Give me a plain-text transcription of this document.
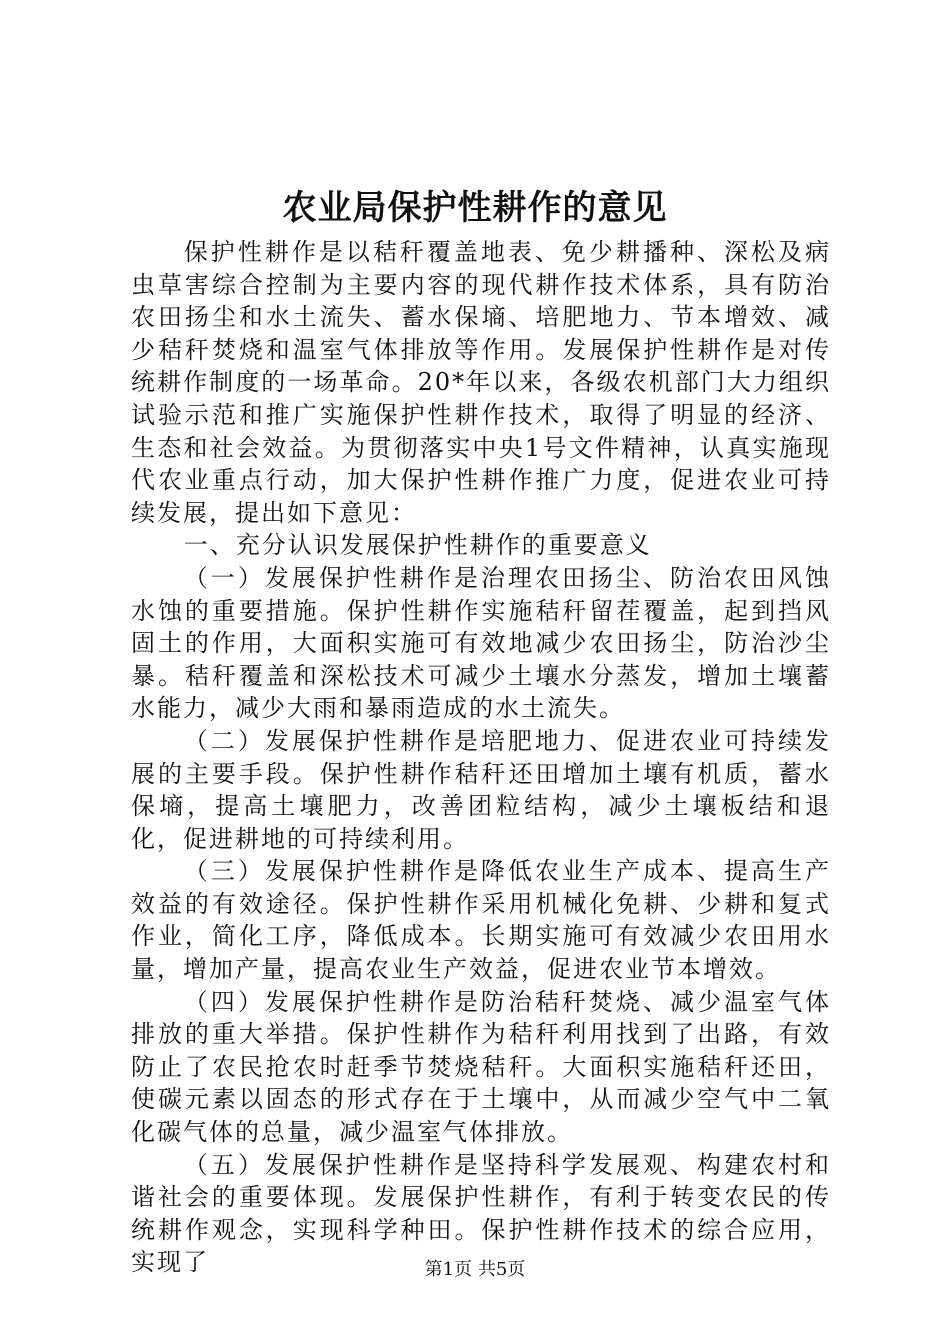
农业局保护性耕作的意见

保护性耕作是以秸秆覆盖地表、免少耕播种、深松及病虫草害综合控制为主要内容的现代耕作技术体系，具有防治农田扬尘和水土流失、蓄水保墒、培肥地力、节本增效、减少秸秆焚烧和温室气体排放等作用。发展保护性耕作是对传统耕作制度的一场革命。20*年以来，各级农机部门大力组织试验示范和推广实施保护性耕作技术，取得了明显的经济、生态和社会效益。为贯彻落实中央1号文件精神，认真实施现代农业重点行动，加大保护性耕作推广力度，促进农业可持续发展，提出如下意见：

一、充分认识发展保护性耕作的重要意义

（一）发展保护性耕作是治理农田扬尘、防治农田风蚀水蚀的重要措施。保护性耕作实施秸秆留茬覆盖，起到挡风固土的作用，大面积实施可有效地减少农田扬尘，防治沙尘暴。秸秆覆盖和深松技术可减少土壤水分蒸发，增加土壤蓄水能力，减少大雨和暴雨造成的水土流失。

（二）发展保护性耕作是培肥地力、促进农业可持续发展的主要手段。保护性耕作秸秆还田增加土壤有机质，蓄水保墒，提高土壤肥力，改善团粒结构，减少土壤板结和退化，促进耕地的可持续利用。

（三）发展保护性耕作是降低农业生产成本、提高生产效益的有效途径。保护性耕作采用机械化免耕、少耕和复式作业，简化工序，降低成本。长期实施可有效减少农田用水量，增加产量，提高农业生产效益，促进农业节本增效。

（四）发展保护性耕作是防治秸秆焚烧、减少温室气体排放的重大举措。保护性耕作为秸秆利用找到了出路，有效防止了农民抢农时赶季节焚烧秸秆。大面积实施秸秆还田，使碳元素以固态的形式存在于土壤中，从而减少空气中二氧化碳气体的总量，减少温室气体排放。

（五）发展保护性耕作是坚持科学发展观、构建农村和谐社会的重要体现。发展保护性耕作，有利于转变农民的传统耕作观念，实现科学种田。保护性耕作技术的综合应用，实现了	第1页 共5页
